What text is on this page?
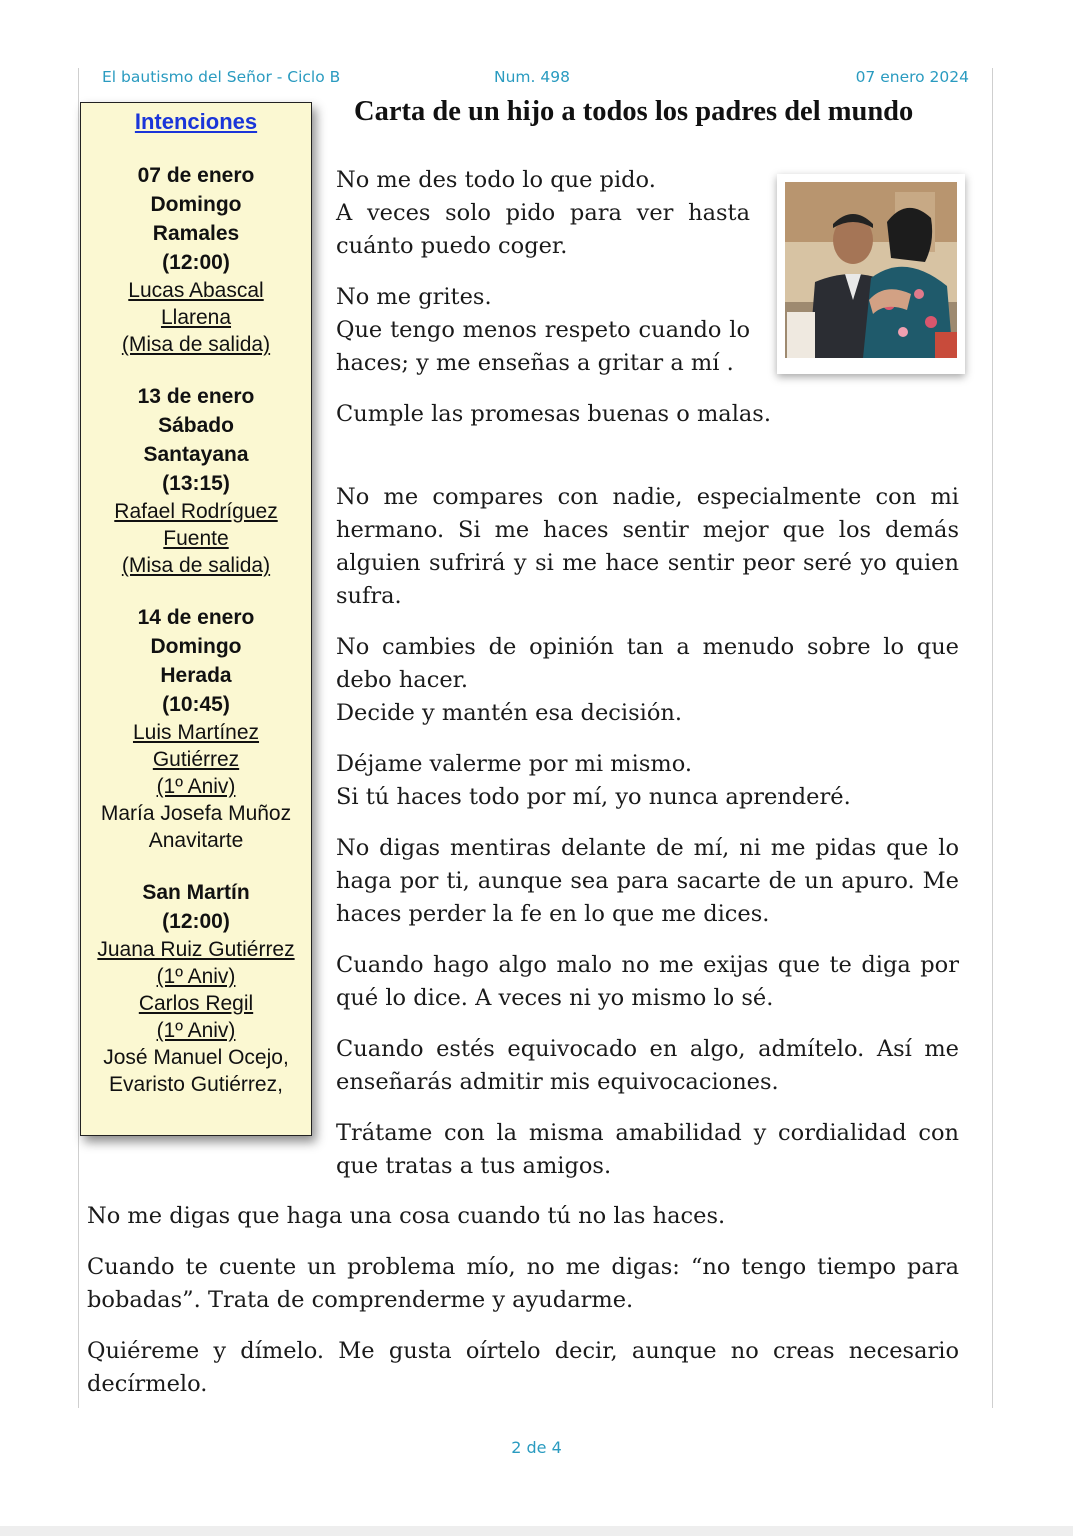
El bautismo del Señor - Ciclo B	Num. 498	07 enero 2024
Intenciones
07 de enero
Domingo
Ramales
(12:00)
Lucas Abascal
Llarena
(Misa de salida)
13 de enero
Sábado
Santayana
(13:15)
Rafael Rodríguez
Fuente
(Misa de salida)
14 de enero
Domingo
Herada
(10:45)
Luis Martínez
Gutiérrez
(1º Aniv)
María Josefa Muñoz
Anavitarte
San Martín
(12:00)
Juana Ruiz Gutiérrez
(1º Aniv)
Carlos Regil
(1º Aniv)
José Manuel Ocejo,
Evaristo Gutiérrez,
Carta de un hijo a todos los padres del mundo

No me des todo lo que pido.
A veces solo pido para ver hasta cuánto puedo coger.

No me grites.
Que tengo menos respeto cuando lo haces; y me enseñas a gritar a mí .

Cumple las promesas buenas o malas.

No me compares con nadie, especialmente con mi hermano. Si me haces sentir mejor que los demás alguien sufrirá y si me hace sentir peor seré yo quien sufra.

No cambies de opinión tan a menudo sobre lo que debo hacer.
Decide y mantén esa decisión.

Déjame valerme por mi mismo.
Si tú haces todo por mí, yo nunca aprenderé.

No digas mentiras delante de mí, ni me pidas que lo haga por ti, aunque sea para sacarte de un apuro. Me haces perder la fe en lo que me dices.

Cuando hago algo malo no me exijas que te diga por qué lo dice. A veces ni yo mismo lo sé.

Cuando estés equivocado en algo, admítelo. Así me enseñarás admitir mis equivocaciones.

Trátame con la misma amabilidad y cordialidad con que tratas a tus amigos.

No me digas que haga una cosa cuando tú no las haces.

Cuando te cuente un problema mío, no me digas: “no tengo tiempo para bobadas”. Trata de comprenderme y ayudarme.

Quiéreme y dímelo. Me gusta oírtelo decir, aunque no creas necesario decírmelo.

2 de 4
